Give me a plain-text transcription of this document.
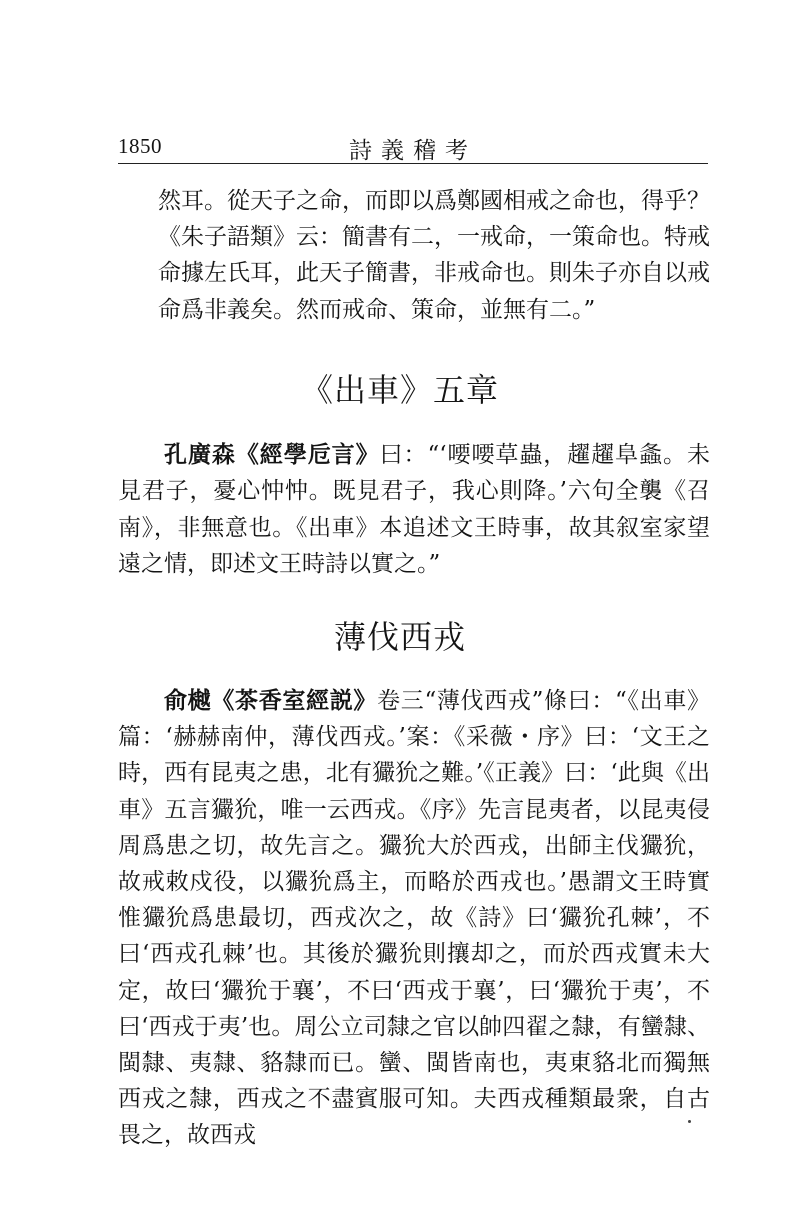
1850	詩義稽考
然耳。從天子之命，而即以爲鄭國相戒之命也，得乎？《朱子語類》云：簡書有二，一戒命，一策命也。特戒命據左氏耳，此天子簡書，非戒命也。則朱子亦自以戒命爲非義矣。然而戒命、策命，並無有二。”
《出車》五章
孔廣森《經學卮言》曰：“‘喓喓草蟲，趯趯阜螽。未見君子，憂心忡忡。既見君子，我心則降。’六句全襲《召南》，非無意也。《出車》本追述文王時事，故其叙室家望遠之情，即述文王時詩以實之。”
薄伐西戎
俞樾《茶香室經説》卷三“薄伐西戎”條曰：“《出車》篇：‘赫赫南仲，薄伐西戎。’案：《采薇・序》曰：‘文王之時，西有昆夷之患，北有玁狁之難。’《正義》曰：‘此與《出車》五言玁狁，唯一云西戎。《序》先言昆夷者，以昆夷侵周爲患之切，故先言之。玁狁大於西戎，出師主伐玁狁，故戒敕戍役，以玁狁爲主，而略於西戎也。’愚謂文王時實惟玁狁爲患最切，西戎次之，故《詩》曰‘玁狁孔棘’，不曰‘西戎孔棘’也。其後於玁狁則攘却之，而於西戎實未大定，故曰‘玁狁于襄’，不曰‘西戎于襄’，曰‘玁狁于夷’，不曰‘西戎于夷’也。周公立司隸之官以帥四翟之隸，有蠻隸、閩隸、夷隸、貉隸而已。蠻、閩皆南也，夷東貉北而獨無西戎之隸，西戎之不盡賓服可知。夫西戎種類最衆，自古畏之，故西戎
